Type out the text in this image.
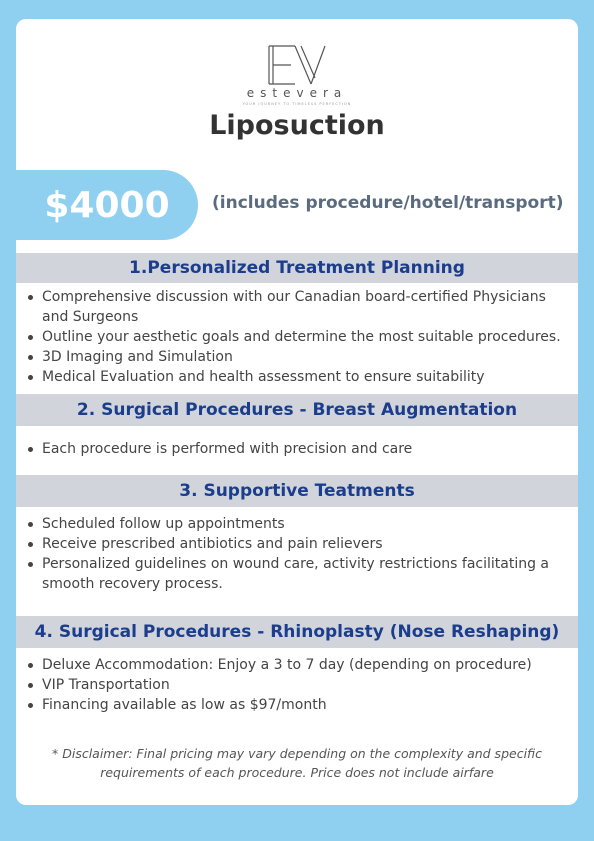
estevera
YOUR JOURNEY TO TIMELESS PERFECTION
Liposuction
$4000 (includes procedure/hotel/transport)
1.Personalized Treatment Planning
Comprehensive discussion with our Canadian board-certified Physicians and Surgeons
Outline your aesthetic goals and determine the most suitable procedures.
3D Imaging and Simulation
Medical Evaluation and health assessment to ensure suitability
2. Surgical Procedures - Breast Augmentation
Each procedure is performed with precision and care
3. Supportive Teatments
Scheduled follow up appointments
Receive prescribed antibiotics and pain relievers
Personalized guidelines on wound care, activity restrictions facilitating a smooth recovery process.
4. Surgical Procedures - Rhinoplasty (Nose Reshaping)
Deluxe Accommodation: Enjoy a 3 to 7 day (depending on procedure)
VIP Transportation
Financing available as low as $97/month
* Disclaimer: Final pricing may vary depending on the complexity and specific requirements of each procedure. Price does not include airfare
